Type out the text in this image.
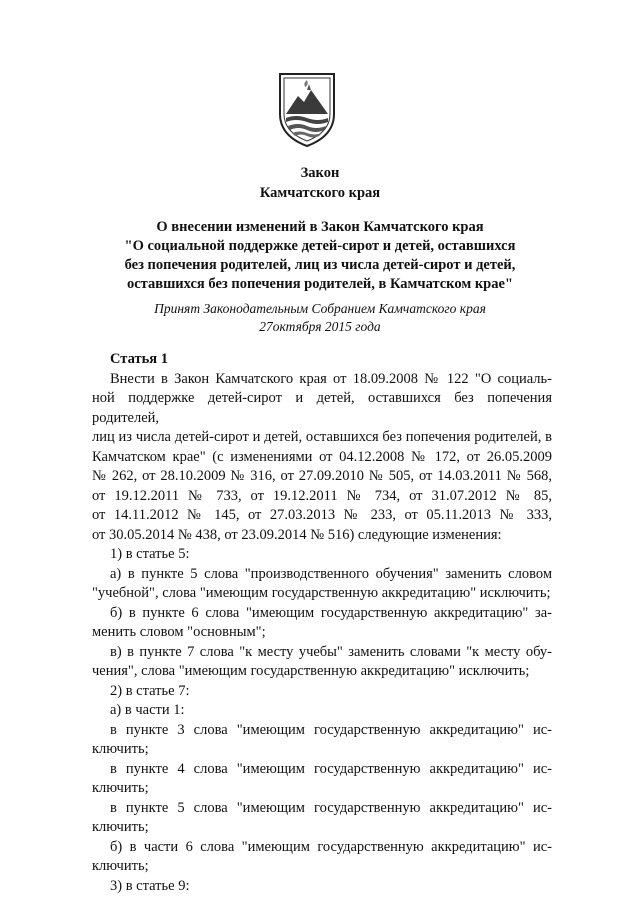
Закон
Камчатского края
О внесении изменений в Закон Камчатского края
"О социальной поддержке детей-сирот и детей, оставшихся
без попечения родителей, лиц из числа детей-сирот и детей,
оставшихся без попечения родителей, в Камчатском крае"
Принят Законодательным Собранием Камчатского края
27октября 2015 года

Статья 1

Внести в Закон Камчатского края от 18.09.2008 № 122 "О социаль-
ной поддержке детей-сирот и детей, оставшихся без попечения родителей,
лиц из числа детей-сирот и детей, оставшихся без попечения родителей, в
Камчатском крае" (с изменениями от 04.12.2008 № 172, от 26.05.2009
№ 262, от 28.10.2009 № 316, от 27.09.2010 № 505, от 14.03.2011 № 568,
от 19.12.2011 № 733, от 19.12.2011 № 734, от 31.07.2012 № 85,
от 14.11.2012 № 145, от 27.03.2013 № 233, от 05.11.2013 № 333,
от 30.05.2014 № 438, от 23.09.2014 № 516) следующие изменения:
1) в статье 5:
а) в пункте 5 слова "производственного обучения" заменить словом
"учебной", слова "имеющим государственную аккредитацию" исключить;
б) в пункте 6 слова "имеющим государственную аккредитацию" за-
менить словом "основным";
в) в пункте 7 слова "к месту учебы" заменить словами "к месту обу-
чения", слова "имеющим государственную аккредитацию" исключить;
2) в статье 7:
а) в части 1:
в пункте 3 слова "имеющим государственную аккредитацию" ис-
ключить;
в пункте 4 слова "имеющим государственную аккредитацию" ис-
ключить;
в пункте 5 слова "имеющим государственную аккредитацию" ис-
ключить;
б) в части 6 слова "имеющим государственную аккредитацию" ис-
ключить;
3) в статье 9:
